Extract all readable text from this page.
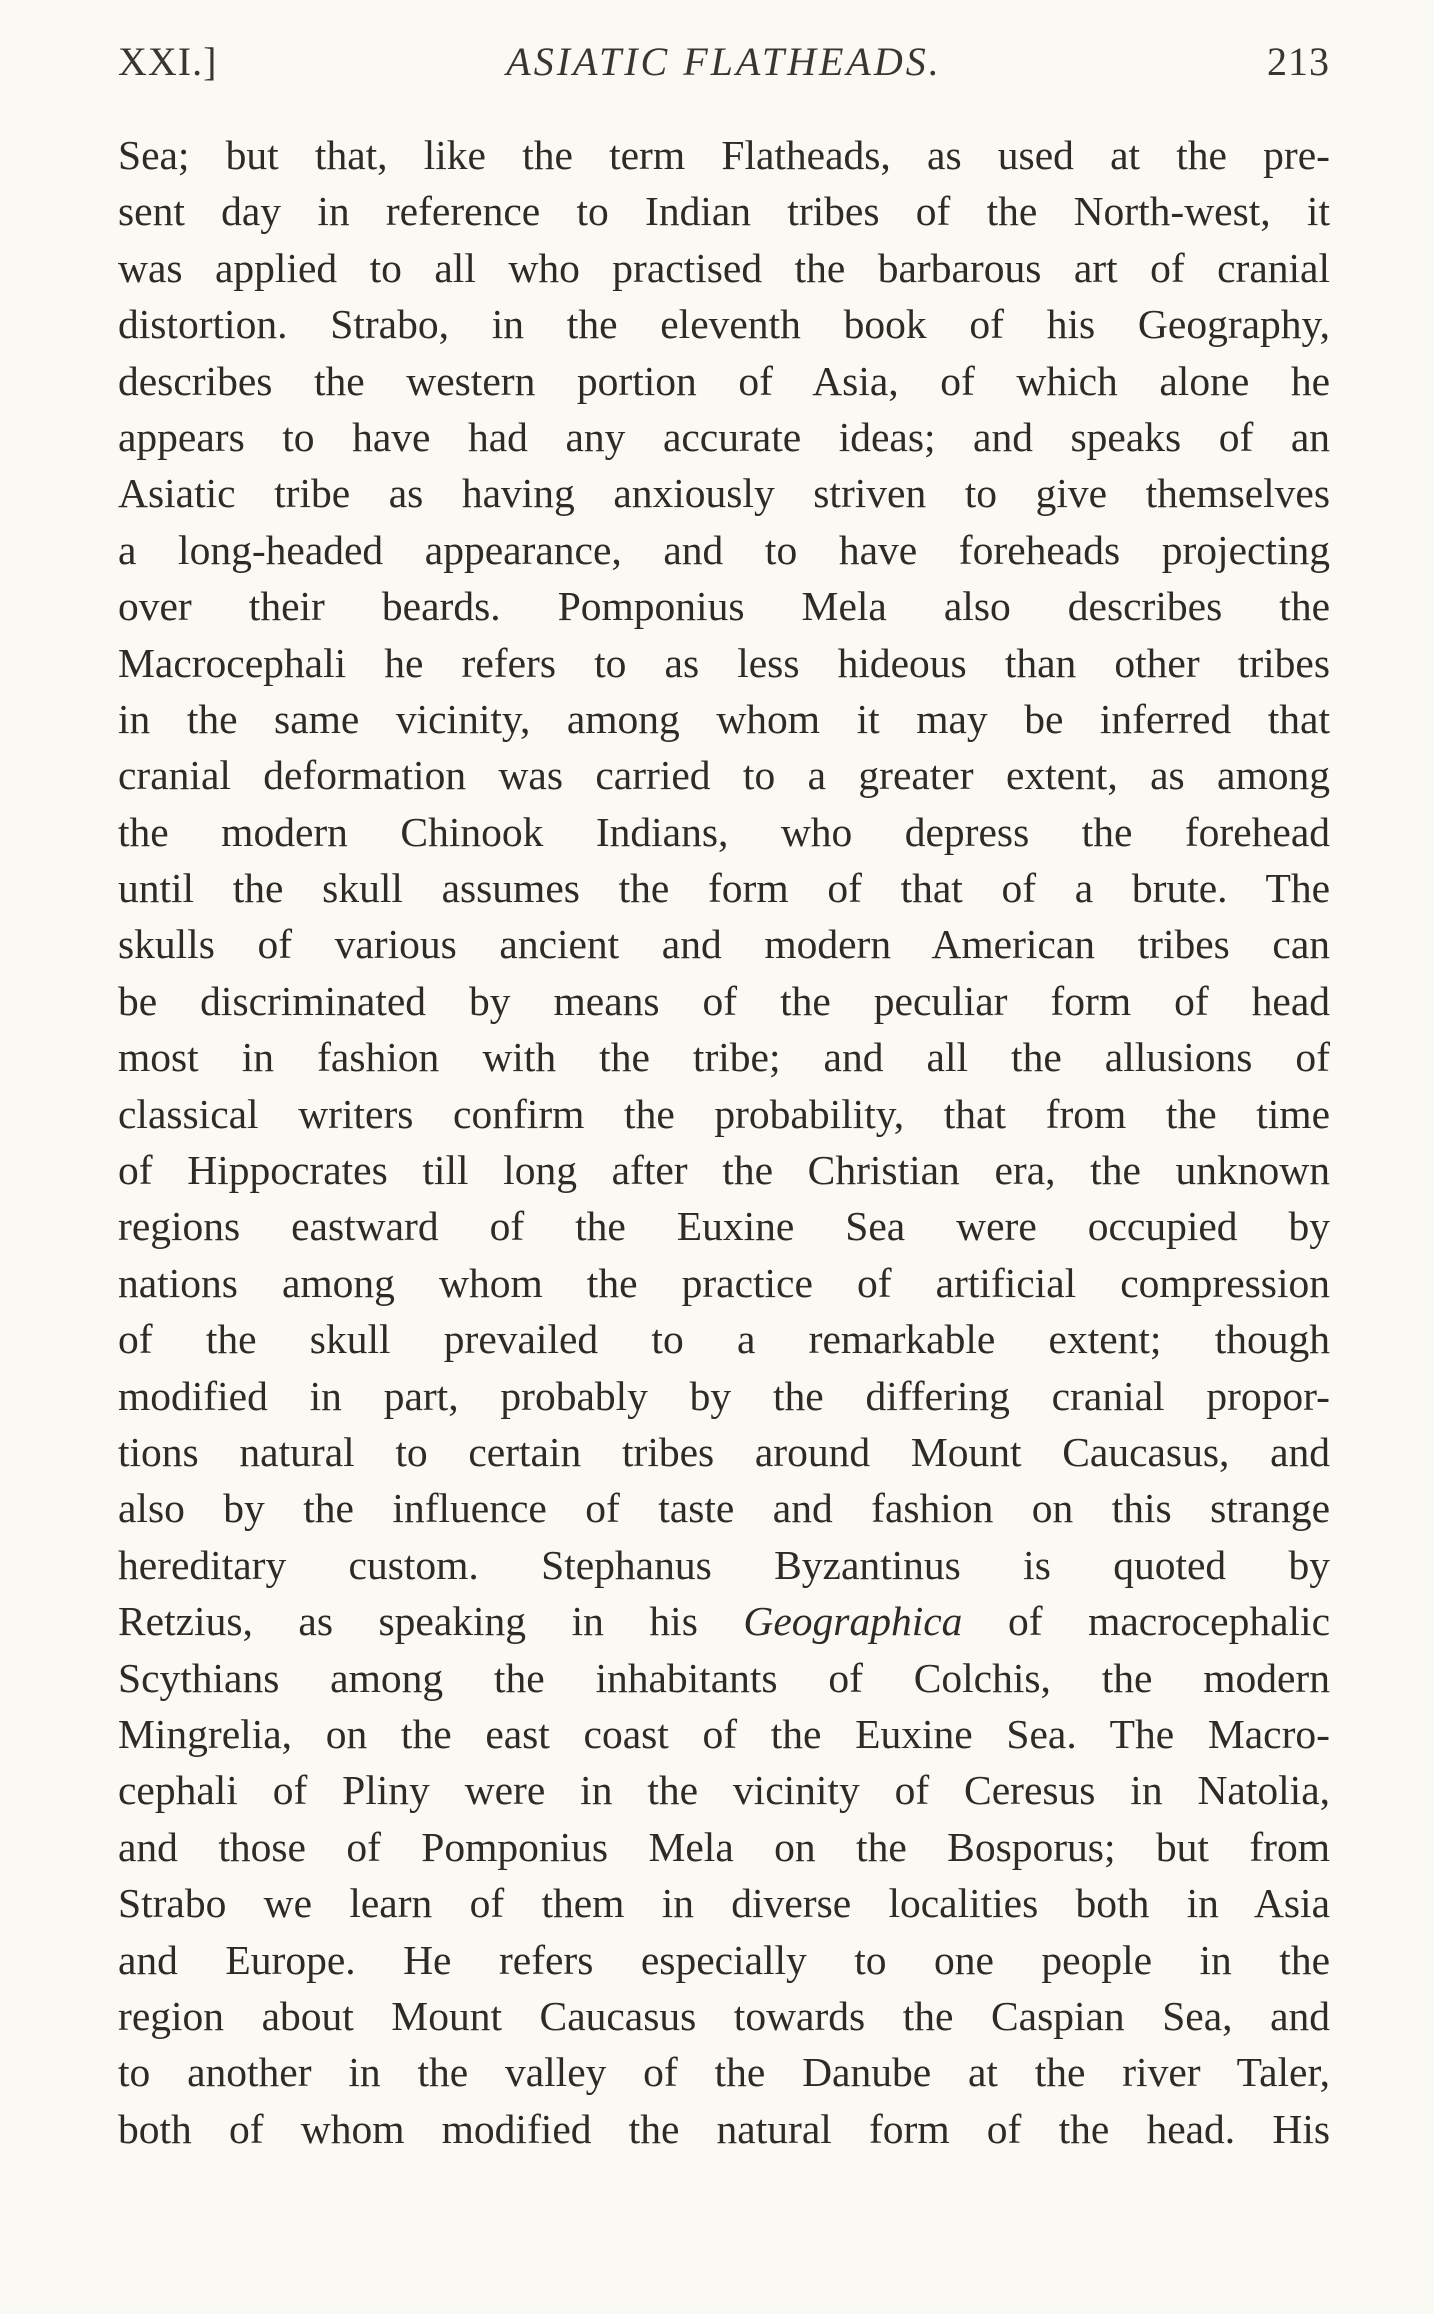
XXI.]	ASIATIC FLATHEADS.	213
Sea; but that, like the term Flatheads, as used at the pre-
sent day in reference to Indian tribes of the North-west, it
was applied to all who practised the barbarous art of cranial
distortion. Strabo, in the eleventh book of his Geography,
describes the western portion of Asia, of which alone he
appears to have had any accurate ideas; and speaks of an
Asiatic tribe as having anxiously striven to give themselves
a long-headed appearance, and to have foreheads projecting
over their beards. Pomponius Mela also describes the
Macrocephali he refers to as less hideous than other tribes
in the same vicinity, among whom it may be inferred that
cranial deformation was carried to a greater extent, as among
the modern Chinook Indians, who depress the forehead
until the skull assumes the form of that of a brute. The
skulls of various ancient and modern American tribes can
be discriminated by means of the peculiar form of head
most in fashion with the tribe; and all the allusions of
classical writers confirm the probability, that from the time
of Hippocrates till long after the Christian era, the unknown
regions eastward of the Euxine Sea were occupied by
nations among whom the practice of artificial compression
of the skull prevailed to a remarkable extent; though
modified in part, probably by the differing cranial propor-
tions natural to certain tribes around Mount Caucasus, and
also by the influence of taste and fashion on this strange
hereditary custom. Stephanus Byzantinus is quoted by
Retzius, as speaking in his Geographica of macrocephalic
Scythians among the inhabitants of Colchis, the modern
Mingrelia, on the east coast of the Euxine Sea. The Macro-
cephali of Pliny were in the vicinity of Ceresus in Natolia,
and those of Pomponius Mela on the Bosporus; but from
Strabo we learn of them in diverse localities both in Asia
and Europe. He refers especially to one people in the
region about Mount Caucasus towards the Caspian Sea, and
to another in the valley of the Danube at the river Taler,
both of whom modified the natural form of the head. His
